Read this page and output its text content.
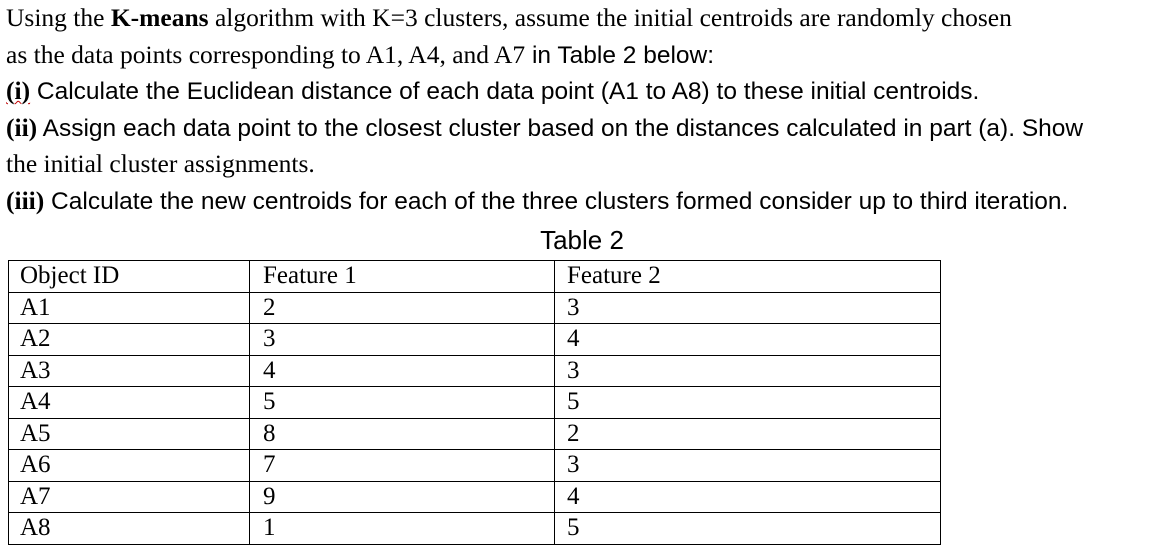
Using the K-means algorithm with K=3 clusters, assume the initial centroids are randomly chosen
as the data points corresponding to A1, A4, and A7 in Table 2 below:
(i) Calculate the Euclidean distance of each data point (A1 to A8) to these initial centroids.
(ii) Assign each data point to the closest cluster based on the distances calculated in part (a). Show
the initial cluster assignments.
(iii) Calculate the new centroids for each of the three clusters formed consider up to third iteration.
Table 2
Object ID	Feature 1	Feature 2
A1	2	3
A2	3	4
A3	4	3
A4	5	5
A5	8	2
A6	7	3
A7	9	4
A8	1	5
